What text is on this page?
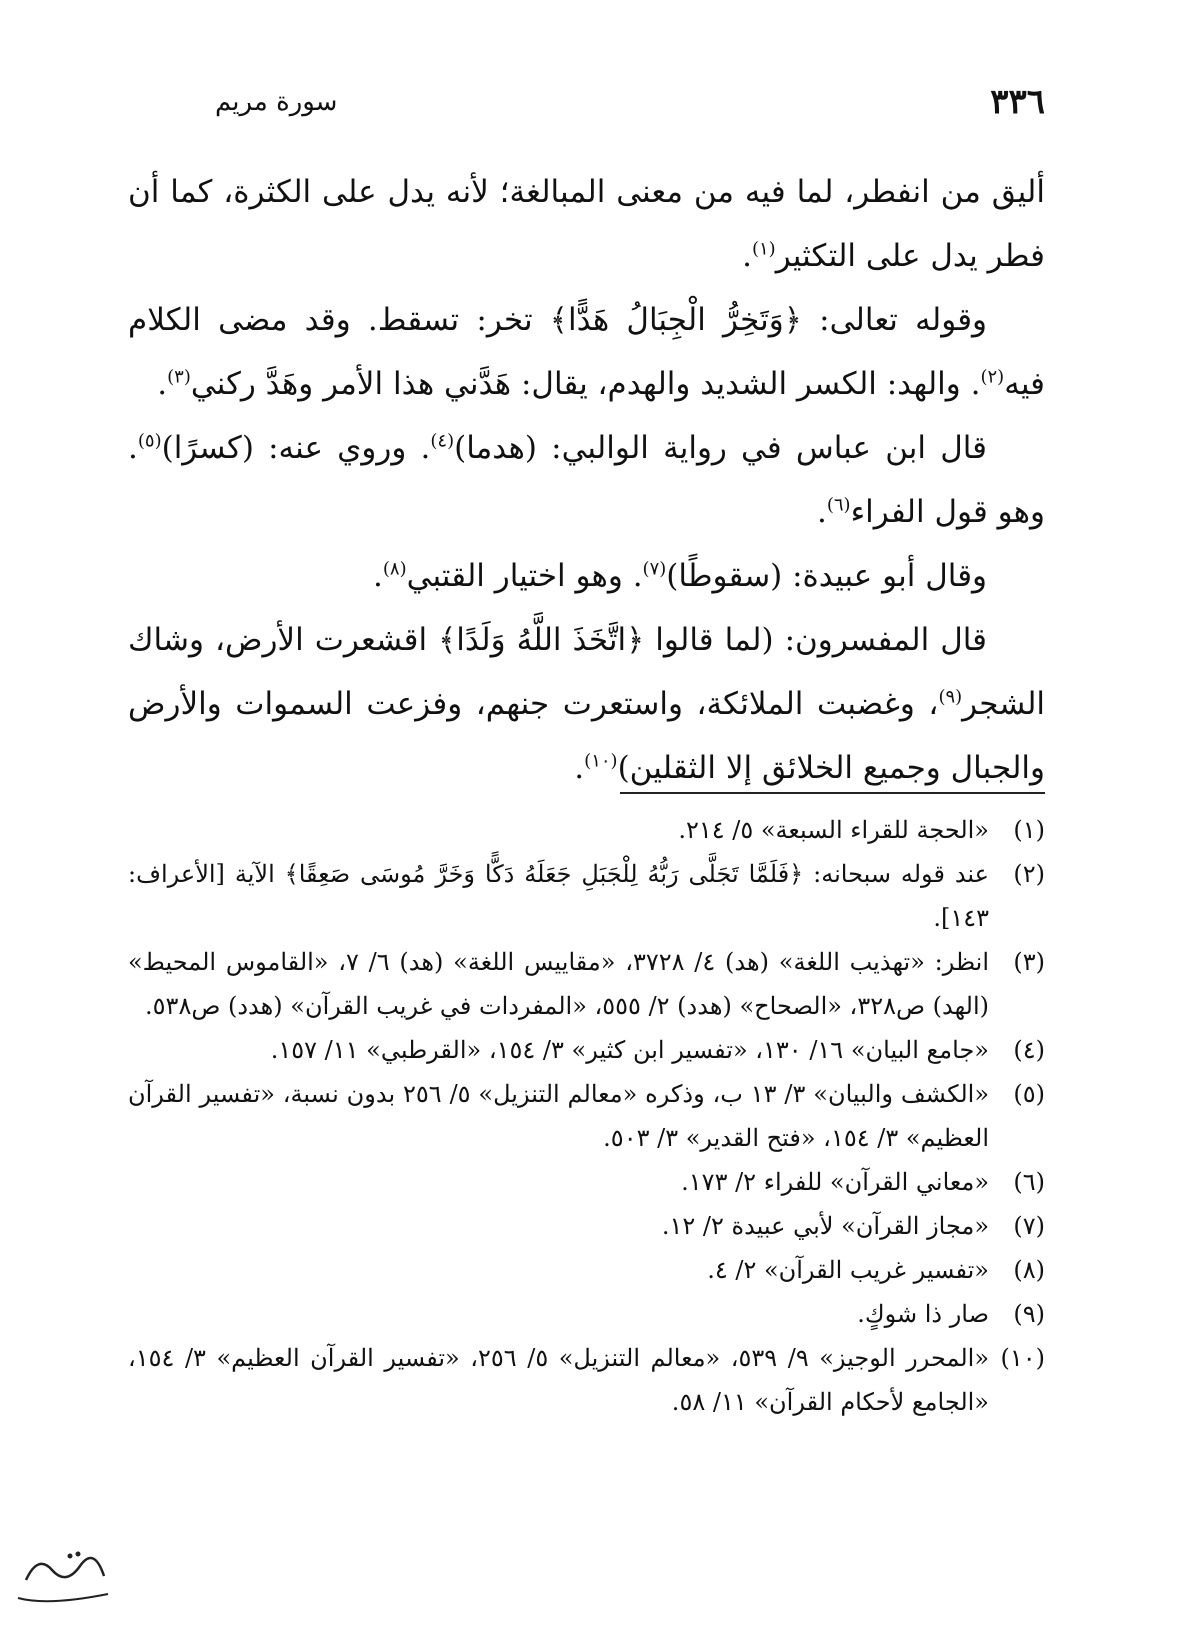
٣٣٦
سورة مريم

أليق من انفطر، لما فيه من معنى المبالغة؛ لأنه يدل على الكثرة، كما أن فطر يدل على التكثير$^{(١)}$.

وقوله تعالى: ﴿وَتَخِرُّ الْجِبَالُ هَدًّا﴾ تخر: تسقط. وقد مضى الكلام فيه$^{(٢)}$. والهد: الكسر الشديد والهدم، يقال: هَدَّني هذا الأمر وهَدَّ ركني$^{(٣)}$.

قال ابن عباس في رواية الوالبي: (هدما)$^{(٤)}$. وروي عنه: (كسرًا)$^{(٥)}$. وهو قول الفراء$^{(٦)}$.

وقال أبو عبيدة: (سقوطًا)$^{(٧)}$. وهو اختيار القتبي$^{(٨)}$.

قال المفسرون: (لما قالوا ﴿اتَّخَذَ اللَّهُ وَلَدًا﴾ اقشعرت الأرض، وشاك الشجر$^{(٩)}$، وغضبت الملائكة، واستعرت جنهم، وفزعت السموات والأرض والجبال وجميع الخلائق إلا الثقلين)$^{(١٠)}$.

(١)
«الحجة للقراء السبعة» ٥/ ٢١٤.

(٢)
عند قوله سبحانه: ﴿فَلَمَّا تَجَلَّى رَبُّهُ لِلْجَبَلِ جَعَلَهُ دَكًّا وَخَرَّ مُوسَى صَعِقًا﴾ الآية [الأعراف: ١٤٣].

(٣)
انظر: «تهذيب اللغة» (هد) ٤/ ٣٧٢٨، «مقاييس اللغة» (هد) ٦/ ٧، «القاموس المحيط» (الهد) ص٣٢٨، «الصحاح» (هدد) ٢/ ٥٥٥، «المفردات في غريب القرآن» (هدد) ص٥٣٨.

(٤)
«جامع البيان» ١٦/ ١٣٠، «تفسير ابن كثير» ٣/ ١٥٤، «القرطبي» ١١/ ١٥٧.

(٥)
«الكشف والبيان» ٣/ ١٣ ب، وذكره «معالم التنزيل» ٥/ ٢٥٦ بدون نسبة، «تفسير القرآن العظيم» ٣/ ١٥٤، «فتح القدير» ٣/ ٥٠٣.

(٦)
«معاني القرآن» للفراء ٢/ ١٧٣.

(٧)
«مجاز القرآن» لأبي عبيدة ٢/ ١٢.

(٨)
«تفسير غريب القرآن» ٢/ ٤.

(٩)
صار ذا شوكٍ.

(١٠)
«المحرر الوجيز» ٩/ ٥٣٩، «معالم التنزيل» ٥/ ٢٥٦، «تفسير القرآن العظيم» ٣/ ١٥٤، «الجامع لأحكام القرآن» ١١/ ٥٨.
